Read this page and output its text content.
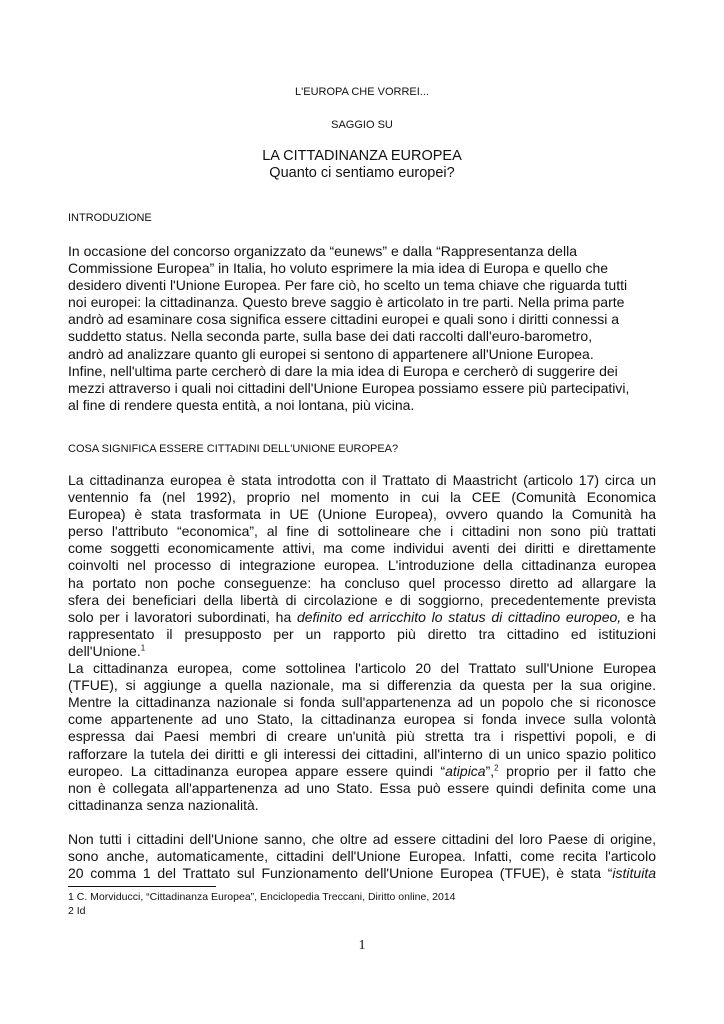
L'EUROPA CHE VORREI...
SAGGIO SU
LA CITTADINANZA EUROPEA
Quanto ci sentiamo europei?
INTRODUZIONE
In occasione del concorso organizzato da “eunews” e dalla “Rappresentanza della
Commissione Europea” in Italia, ho voluto esprimere la mia idea di Europa e quello che
desidero diventi l'Unione Europea. Per fare ciò, ho scelto un tema chiave che riguarda tutti
noi europei: la cittadinanza. Questo breve saggio è articolato in tre parti. Nella prima parte
andrò ad esaminare cosa significa essere cittadini europei e quali sono i diritti connessi a
suddetto status. Nella seconda parte, sulla base dei dati raccolti dall'euro-barometro,
andrò ad analizzare quanto gli europei si sentono di appartenere all'Unione Europea.
Infine, nell'ultima parte cercherò di dare la mia idea di Europa e cercherò di suggerire dei
mezzi attraverso i quali noi cittadini dell'Unione Europea possiamo essere più partecipativi,
al fine di rendere questa entità, a noi lontana, più vicina.
COSA SIGNIFICA ESSERE CITTADINI DELL'UNIONE EUROPEA?
La cittadinanza europea è stata introdotta con il Trattato di Maastricht (articolo 17) circa un
ventennio fa (nel 1992), proprio nel momento in cui la CEE (Comunità Economica
Europea) è stata trasformata in UE (Unione Europea), ovvero quando la Comunità ha
perso l'attributo “economica”, al fine di sottolineare che i cittadini non sono più trattati
come soggetti economicamente attivi, ma come individui aventi dei diritti e direttamente
coinvolti nel processo di integrazione europea. L'introduzione della cittadinanza europea
ha portato non poche conseguenze: ha concluso quel processo diretto ad allargare la
sfera dei beneficiari della libertà di circolazione e di soggiorno, precedentemente prevista
solo per i lavoratori subordinati, ha definito ed arricchito lo status di cittadino europeo, e ha
rappresentato il presupposto per un rapporto più diretto tra cittadino ed istituzioni
dell'Unione.$^1$
La cittadinanza europea, come sottolinea l'articolo 20 del Trattato sull'Unione Europea
(TFUE), si aggiunge a quella nazionale, ma si differenzia da questa per la sua origine.
Mentre la cittadinanza nazionale si fonda sull'appartenenza ad un popolo che si riconosce
come appartenente ad uno Stato, la cittadinanza europea si fonda invece sulla volontà
espressa dai Paesi membri di creare un'unità più stretta tra i rispettivi popoli, e di
rafforzare la tutela dei diritti e gli interessi dei cittadini, all'interno di un unico spazio politico
europeo. La cittadinanza europea appare essere quindi “atipica”,$^2$ proprio per il fatto che
non è collegata all'appartenenza ad uno Stato. Essa può essere quindi definita come una
cittadinanza senza nazionalità.
Non tutti i cittadini dell'Unione sanno, che oltre ad essere cittadini del loro Paese di origine,
sono anche, automaticamente, cittadini dell'Unione Europea. Infatti, come recita l'articolo
20 comma 1 del Trattato sul Funzionamento dell'Unione Europea (TFUE), è stata “istituita
1 C. Morviducci, “Cittadinanza Europea”, Enciclopedia Treccani, Diritto online, 2014
2 Id
1
